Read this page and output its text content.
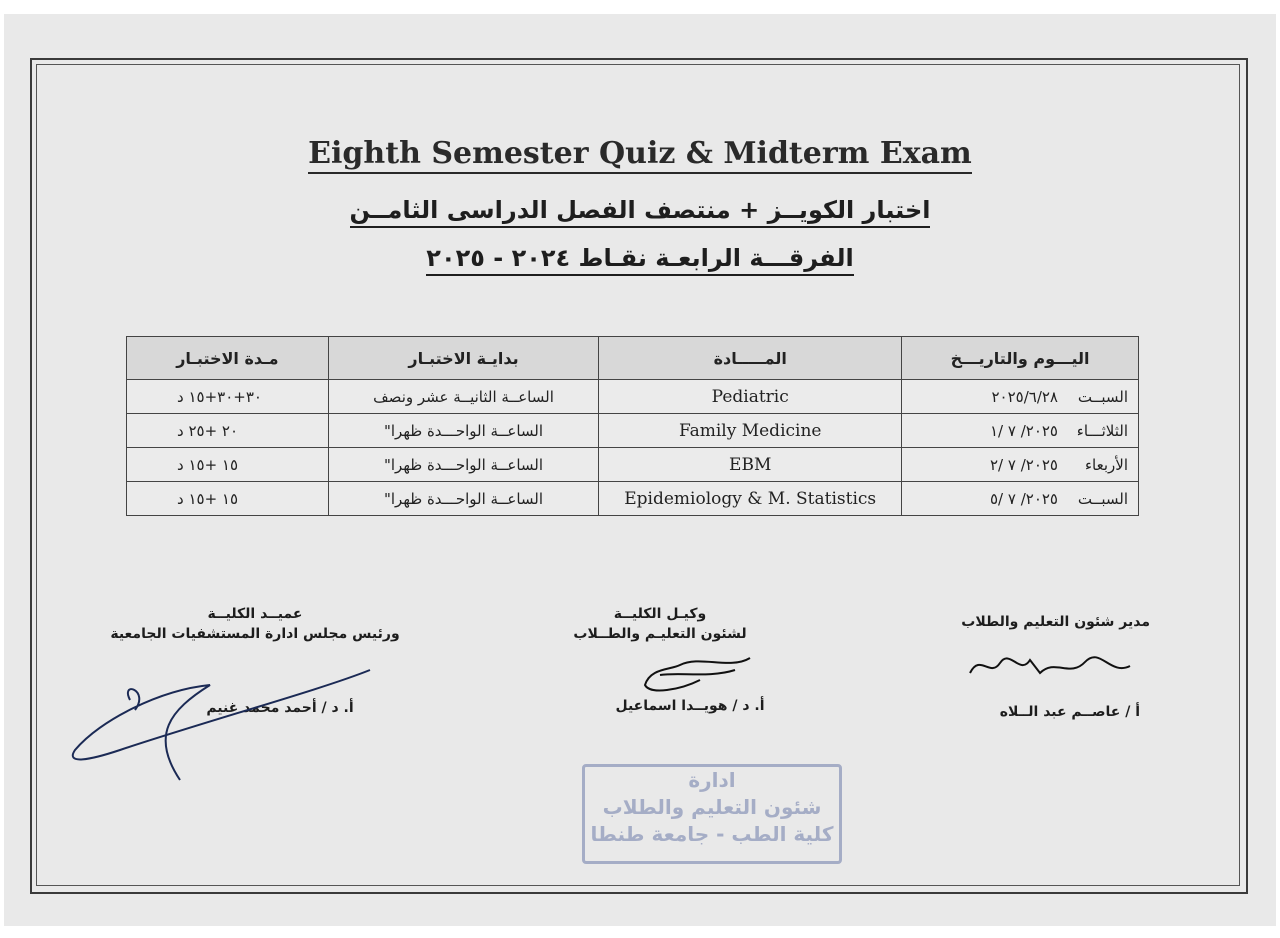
Eighth Semester Quiz & Midterm Exam
اختبار الكويــز + منتصف الفصل الدراسى الثامــن
الفرقـــة الرابعـة نقـاط ٢٠٢٤ - ٢٠٢٥
اليـــوم والتاريـــخ	المـــــادة	بدايـة الاختبـار	مـدة الاختبـار
السبــت٢٠٢٥/٦/٢٨	Pediatric	الساعــة الثانيــة عشر ونصف	٣٠+٣٠+١٥ د
الثلاثـــاء٢٠٢٥/ ٧ /١	Family Medicine	الساعــة الواحـــدة ظهرا"	٢٠ +٢٥ د
الأربعاء٢٠٢٥/ ٧ /٢	EBM	الساعــة الواحـــدة ظهرا"	١٥ +١٥ د
السبــت٢٠٢٥/ ٧ /٥	Epidemiology & M. Statistics	الساعــة الواحـــدة ظهرا"	١٥ +١٥ د
مدير شئون التعليم والطلاب
وكيـل الكليــة
لشئون التعليـم والطــلاب
عميــد الكليــة
ورئيس مجلس ادارة المستشفيات الجامعية
أ / عاصــم عبد الــلاه
أ. د / هويــدا اسماعيل
أ. د / أحمد محمد غنيم
ادارة
شئون التعليم والطلاب
كلية الطب - جامعة طنطا
